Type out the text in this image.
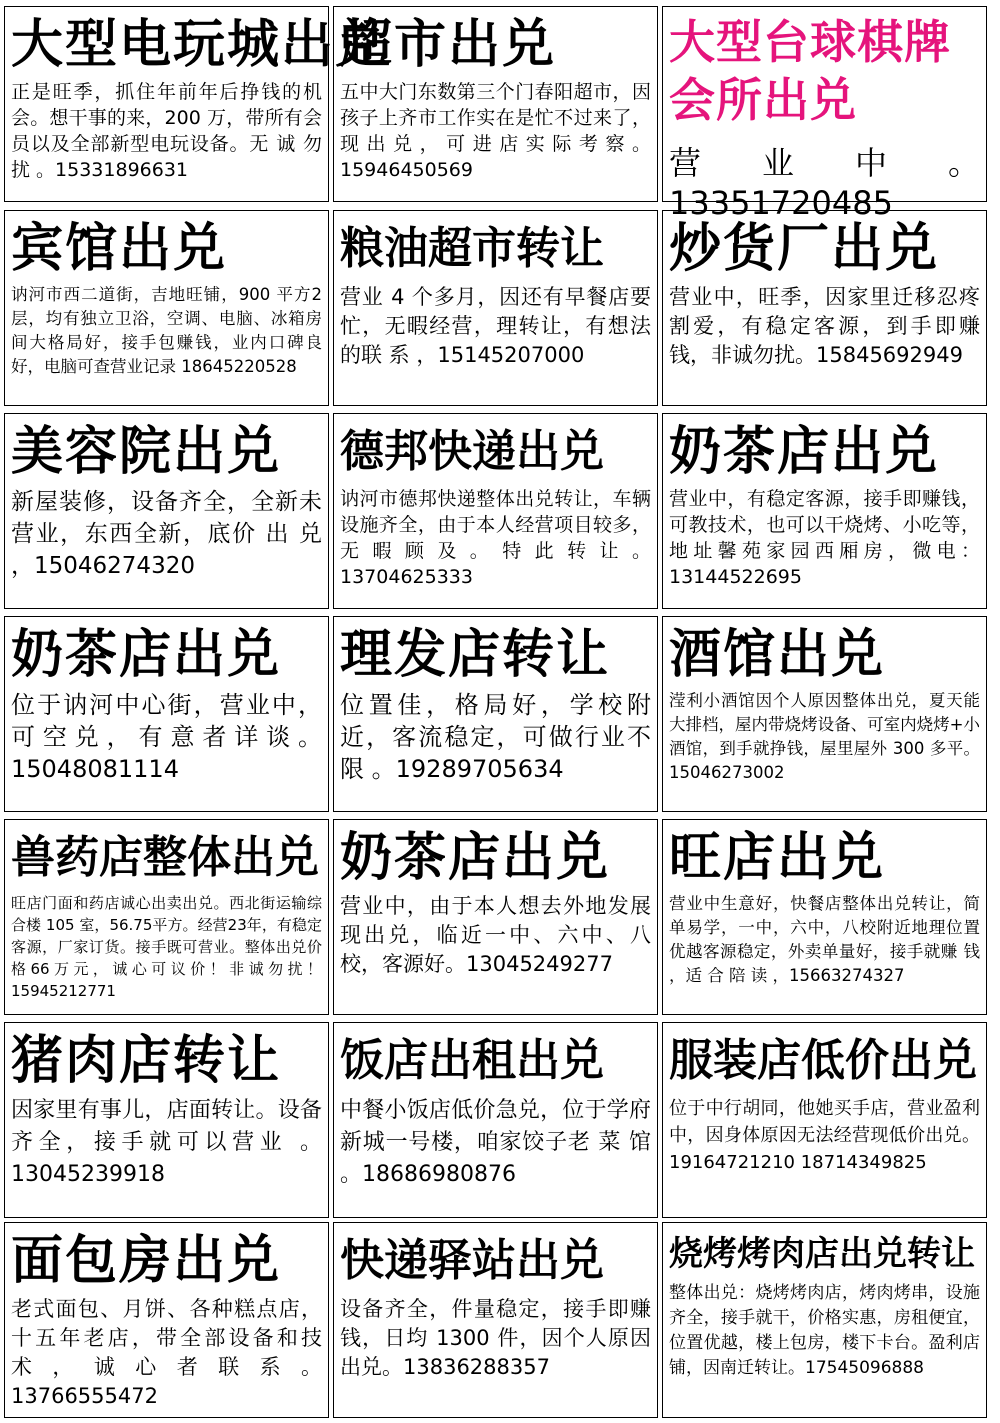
大型电玩城出兑
正是旺季，抓住年前年后挣钱的机会。想干事的来，200 万，带所有会员以及全部新型电玩设备。无 诚 勿 扰 。15331896631
超市出兑
五中大门东数第三个门春阳超市，因孩子上齐市工作实在是忙不过来了，现出兑，可进店实际考察。15946450569
大型台球棋牌会所出兑
营业中。13351720485
宾馆出兑
讷河市西二道街，吉地旺铺，900 平方2层，均有独立卫浴，空调、电脑、冰箱房间大格局好，接手包赚钱，业内口碑良好，电脑可查营业记录 18645220528
粮油超市转让
营业 4 个多月，因还有早餐店要忙，无暇经营，理转让，有想法的联 系 ，15145207000
炒货厂出兑
营业中，旺季，因家里迁移忍疼割爱，有稳定客源，到手即赚钱，非诚勿扰。15845692949
美容院出兑
新屋装修，设备齐全，全新未营业，东西全新，底价 出 兑 ，15046274320
德邦快递出兑
讷河市德邦快递整体出兑转让，车辆设施齐全，由于本人经营项目较多，无暇顾及。特此转让。13704625333
奶茶店出兑
营业中，有稳定客源，接手即赚钱，可教技术，也可以干烧烤、小吃等，地址馨苑家园西厢房，微电：13144522695
奶茶店出兑
位于讷河中心街，营业中，可空兑，有意者详谈。15048081114
理发店转让
位置佳，格局好，学校附近，客流稳定，可做行业不 限 。19289705634
酒馆出兑
滢利小酒馆因个人原因整体出兑，夏天能大排档，屋内带烧烤设备、可室内烧烤+小酒馆，到手就挣钱，屋里屋外 300 多平。15046273002
兽药店整体出兑
旺店门面和药店诚心出卖出兑。西北街运输综合楼 105 室，56.75平方。经营23年，有稳定客源，厂家订货。接手既可营业。整体出兑价格66万元，诚心可议价！非诚勿扰！15945212771
奶茶店出兑
营业中，由于本人想去外地发展现出兑，临近一中、六中、八校，客源好。13045249277
旺店出兑
营业中生意好，快餐店整体出兑转让，简单易学，一中，六中，八校附近地理位置优越客源稳定，外卖单量好，接手就赚 钱 ，适 合 陪 读 ，15663274327
猪肉店转让
因家里有事儿，店面转让。设备齐全，接手就可以营业 。13045239918
饭店出租出兑
中餐小饭店低价急兑，位于学府新城一号楼，咱家饺子老 菜 馆 。18686980876
服装店低价出兑
位于中行胡同，他她买手店，营业盈利中，因身体原因无法经营现低价出兑。19164721210 18714349825
面包房出兑
老式面包、月饼、各种糕点店，十五年老店，带全部设备和技术，诚心者联系。13766555472
快递驿站出兑
设备齐全，件量稳定，接手即赚钱，日均 1300 件，因个人原因出兑。13836288357
烧烤烤肉店出兑转让
整体出兑：烧烤烤肉店，烤肉烤串，设施齐全，接手就干，价格实惠，房租便宜，位置优越，楼上包房，楼下卡台。盈利店铺，因南迁转让。17545096888
